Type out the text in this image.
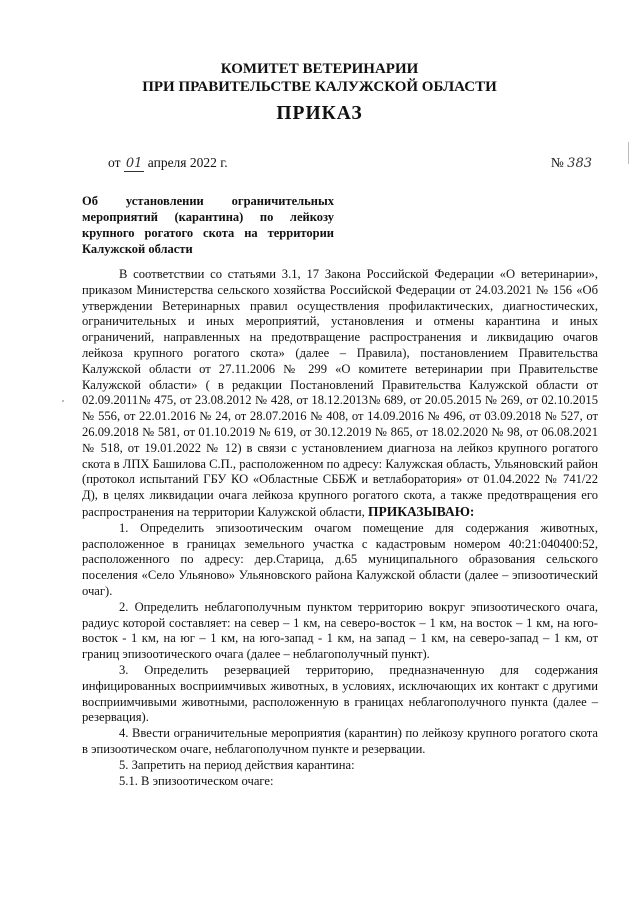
КОМИТЕТ ВЕТЕРИНАРИИ
ПРИ ПРАВИТЕЛЬСТВЕ КАЛУЖСКОЙ ОБЛАСТИ
ПРИКАЗ
от 01 апреля 2022 г.	№ 383
Об установлении ограничительных мероприятий (карантина) по лейкозу крупного рогатого скота на территории Калужской области

В соответствии со статьями 3.1, 17 Закона Российской Федерации «О ветеринарии», приказом Министерства сельского хозяйства Российской Федерации от 24.03.2021 № 156 «Об утверждении Ветеринарных правил осуществления профилактических, диагностических, ограничительных и иных мероприятий, установления и отмены карантина и иных ограничений, направленных на предотвращение распространения и ликвидацию очагов лейкоза крупного рогатого скота» (далее – Правила), постановлением Правительства Калужской области от 27.11.2006 № 299 «О комитете ветеринарии при Правительстве Калужской области» ( в редакции Постановлений Правительства Калужской области от 02.09.2011№ 475, от 23.08.2012 № 428, от 18.12.2013№ 689, от 20.05.2015 № 269, от 02.10.2015 № 556, от 22.01.2016 № 24, от 28.07.2016 № 408, от 14.09.2016 № 496, от 03.09.2018 № 527, от 26.09.2018 № 581, от 01.10.2019 № 619, от 30.12.2019 № 865, от 18.02.2020 № 98, от 06.08.2021 № 518, от 19.01.2022 № 12) в связи с установлением диагноза на лейкоз крупного рогатого скота в ЛПХ Башилова С.П., расположенном по адресу: Калужская область, Ульяновский район (протокол испытаний ГБУ КО «Областные СББЖ и ветлаборатория» от 01.04.2022 № 741/22 Д), в целях ликвидации очага лейкоза крупного рогатого скота, а также предотвращения его распространения на территории Калужской области, ПРИКАЗЫВАЮ:

1. Определить эпизоотическим очагом помещение для содержания животных, расположенное в границах земельного участка с кадастровым номером 40:21:040400:52, расположенного по адресу: дер.Старица, д.65 муниципального образования сельского поселения «Село Ульяново» Ульяновского района Калужской области (далее – эпизоотический очаг).

2. Определить неблагополучным пунктом территорию вокруг эпизоотического очага, радиус которой составляет: на север – 1 км, на северо-восток – 1 км, на восток – 1 км, на юго-восток - 1 км, на юг – 1 км, на юго-запад - 1 км, на запад – 1 км, на северо-запад – 1 км, от границ эпизоотического очага (далее – неблагополучный пункт).

3. Определить резервацией территорию, предназначенную для содержания инфицированных восприимчивых животных, в условиях, исключающих их контакт с другими восприимчивыми животными, расположенную в границах неблагополучного пункта (далее – резервация).

4. Ввести ограничительные мероприятия (карантин) по лейкозу крупного рогатого скота в эпизоотическом очаге, неблагополучном пункте и резервации.

5. Запретить на период действия карантина:

5.1. В эпизоотическом очаге:
